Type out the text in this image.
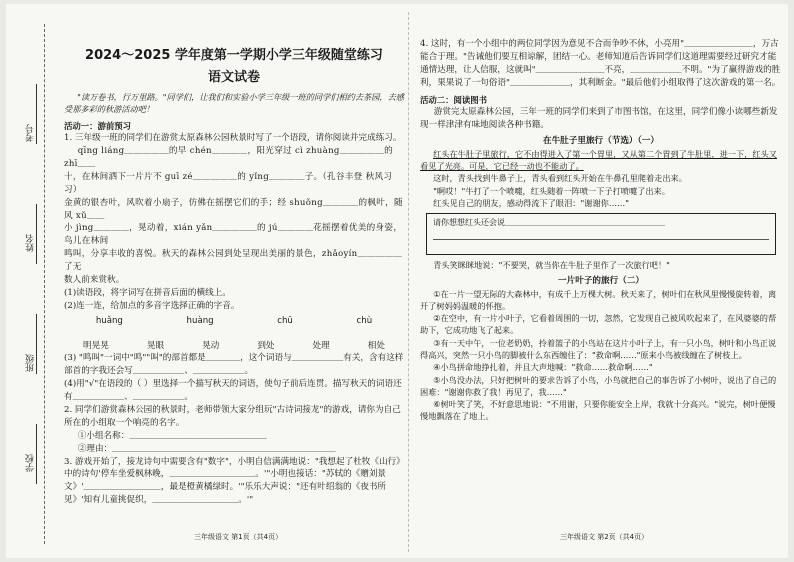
考号
姓名
班级
学校
2024～2025 学年度第一学期小学三年级随堂练习
语文试卷

"读万卷书，行万里路。"同学们，让我们和实验小学三年级一班的同学们相约去茶园，去感受那多彩的秋游活动吧！

活动一：游前预习

1. 三年级一班的同学们在游赏太原森林公园秋景时写了一个语段，请你阅读并完成练习。

qīng liáng＿＿＿＿＿的早 chén＿＿＿＿，阳光穿过 cì zhuàng＿＿＿＿＿的 zhī＿＿

十，在林间洒下一片片不 guī zé＿＿＿＿＿的 yǐng＿＿＿＿子。（孔谷丰登 秋风习习）

金黄的银杏叶，风吹着小扇子，仿佛在摇摆它们的手；经 shuǒng＿＿＿＿的枫叶，随风 xǔ＿＿

小 jìng＿＿＿＿，晃动着，xián yǎn＿＿＿＿＿的 jú＿＿＿＿花摇摆着优美的身姿，鸟儿在林间

鸣叫，分享丰收的喜悦。秋天的森林公园到处呈现出美丽的景色，zhǎoyín＿＿＿＿＿了无

数人前来赏秋。

(1)读语段，将字词写在拼音后面的横线上。

(2)连一连，给加点的多音字选择正确的字音。

huǎng	huàng	chū	chù
明晃晃	晃眼	晃动	到处	处理	相处

(3) "鸣叫"一词中"鸣""叫"的部首都是＿＿＿＿，这个词语与＿＿＿＿＿＿有关，含有这样部首的字我还会写＿＿＿＿＿＿、＿＿＿＿＿＿。

(4)用"√"在语段的（ ）里选择一个描写秋天的词语，使句子前后连贯。描写秋天的词语还有＿＿＿＿＿＿、＿＿＿＿＿＿。

2. 同学们游赏森林公园的秋景时，老师带领大家分组玩"古诗词接龙"的游戏，请你为自己所在的小组取一个响亮的名字。

①小组名称：＿＿＿＿＿＿＿＿＿＿＿＿＿＿＿＿

②理由：＿＿＿＿＿＿＿＿＿＿＿＿＿＿＿＿＿＿＿＿＿＿＿＿＿＿

3. 游戏开始了，接龙诗句中需要含有"数字"，小明自信满满地说："我想起了杜牧《山行》中的诗句'停车坐爱枫林晚，＿＿＿＿＿＿＿＿＿＿。'"小明也接话："苏轼的《赠刘景文》'＿＿＿＿＿＿＿＿＿，最是橙黄橘绿时。'"乐乐大声说："还有叶绍翁的《夜书所见》'知有儿童挑促织，＿＿＿＿＿＿＿＿＿＿。'"

三年级语文 第1页（共4页）

4. 这时，有一个小组中的两位同学因为意见不合而争吵不休，小亮用"＿＿＿＿＿＿＿＿，万古能合于理。"告诫他们要互相谅解，团结一心。老师知道后告诉同学们这道理需要经过研究才能通情达理，让人信服，这就叫"＿＿＿＿＿＿＿＿不亮，＿＿＿＿＿＿不明。"为了赢得游戏的胜利，果果说了一句俗语"＿＿＿＿＿＿＿，其利断金。"最后他们小组取得了这次游戏的第一名。

活动二：阅读图书

游赏完太原森林公园，三年一班的同学们来到了市图书馆，在这里，同学们像小读哪些新发现一样津津有味地阅读各种书籍。

在牛肚子里旅行（节选）（一）

红头在牛肚子里旅行，它不由得进入了第一个胃里，又从第二个胃到了牛肚里，进一下，红头又看见了光亮。可是，它已经一动也不能动了。

这时，青头找到牛鼻子上，青头看到红头开始在牛鼻孔里爬着走出来。

"啊哎！"牛打了一个喷嚏，红头随着一阵喷一下子打喷嚏了出来。

红头见自己的朋友，感动得流下了眼泪："谢谢你……"

请你想想红头还会说＿＿＿＿＿＿＿＿＿＿＿＿＿＿＿＿＿＿＿＿

青头笑眯眯地说："不要哭，就当你在牛肚子里作了一次旅行吧！"

一片叶子的旅行（二）

①在一片一望无际的大森林中，有成千上万棵大树。秋天来了，树叶们在秋风里慢慢旋转着，离开了树妈妈温暖的怀抱。

②在空中，有一片小叶子，它看着周围的一切，忽然，它发现自己被风吹起来了，在风婆婆的帮助下，它成功地飞了起来。

③有一天中午，一位老奶奶，拎着篮子的小鸟站在这片小叶子上，有一只小鸟，树叶和小鸟正说得高兴，突然一只小鸟的脚被什么东西缠住了："救命啊……"原来小鸟被线缠在了树枝上。

④小鸟拼命地挣扎着，并且大声地喊："救命……救命啊……"

⑤小鸟没办法，只好把树叶的要求告诉了小鸟，小鸟就把自己的事告诉了小树叶，说出了自己的困难："谢谢你救了我！再见了，我……"

⑥树叶笑了笑，不好意思地说："不用谢，只要你能安全上岸，我就十分高兴。"说完，树叶便慢慢地飘落在了地上。

三年级语文 第2页（共4页）
